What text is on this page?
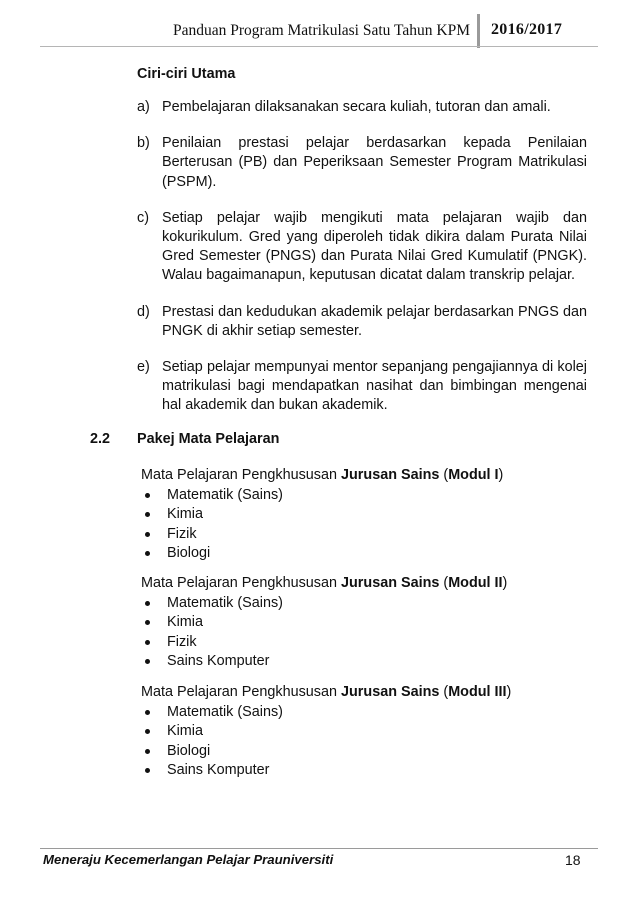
Panduan Program Matrikulasi Satu Tahun KPM 2016/2017
Ciri-ciri Utama
a) Pembelajaran dilaksanakan secara kuliah, tutoran dan amali.
b) Penilaian prestasi pelajar berdasarkan kepada Penilaian Berterusan (PB) dan Peperiksaan Semester Program Matrikulasi (PSPM).
c) Setiap pelajar wajib mengikuti mata pelajaran wajib dan kokurikulum. Gred yang diperoleh tidak dikira dalam Purata Nilai Gred Semester (PNGS) dan Purata Nilai Gred Kumulatif (PNGK). Walau bagaimanapun, keputusan dicatat dalam transkrip pelajar.
d) Prestasi dan kedudukan akademik pelajar berdasarkan PNGS dan PNGK di akhir setiap semester.
e) Setiap pelajar mempunyai mentor sepanjang pengajiannya di kolej matrikulasi bagi mendapatkan nasihat dan bimbingan mengenai hal akademik dan bukan akademik.
2.2 Pakej Mata Pelajaran
Mata Pelajaran Pengkhususan Jurusan Sains (Modul I)
Matematik (Sains)
Kimia
Fizik
Biologi
Mata Pelajaran Pengkhususan Jurusan Sains (Modul II)
Matematik (Sains)
Kimia
Fizik
Sains Komputer
Mata Pelajaran Pengkhususan Jurusan Sains (Modul III)
Matematik (Sains)
Kimia
Biologi
Sains Komputer
Meneraju Kecemerlangan Pelajar Prauniversiti	18
